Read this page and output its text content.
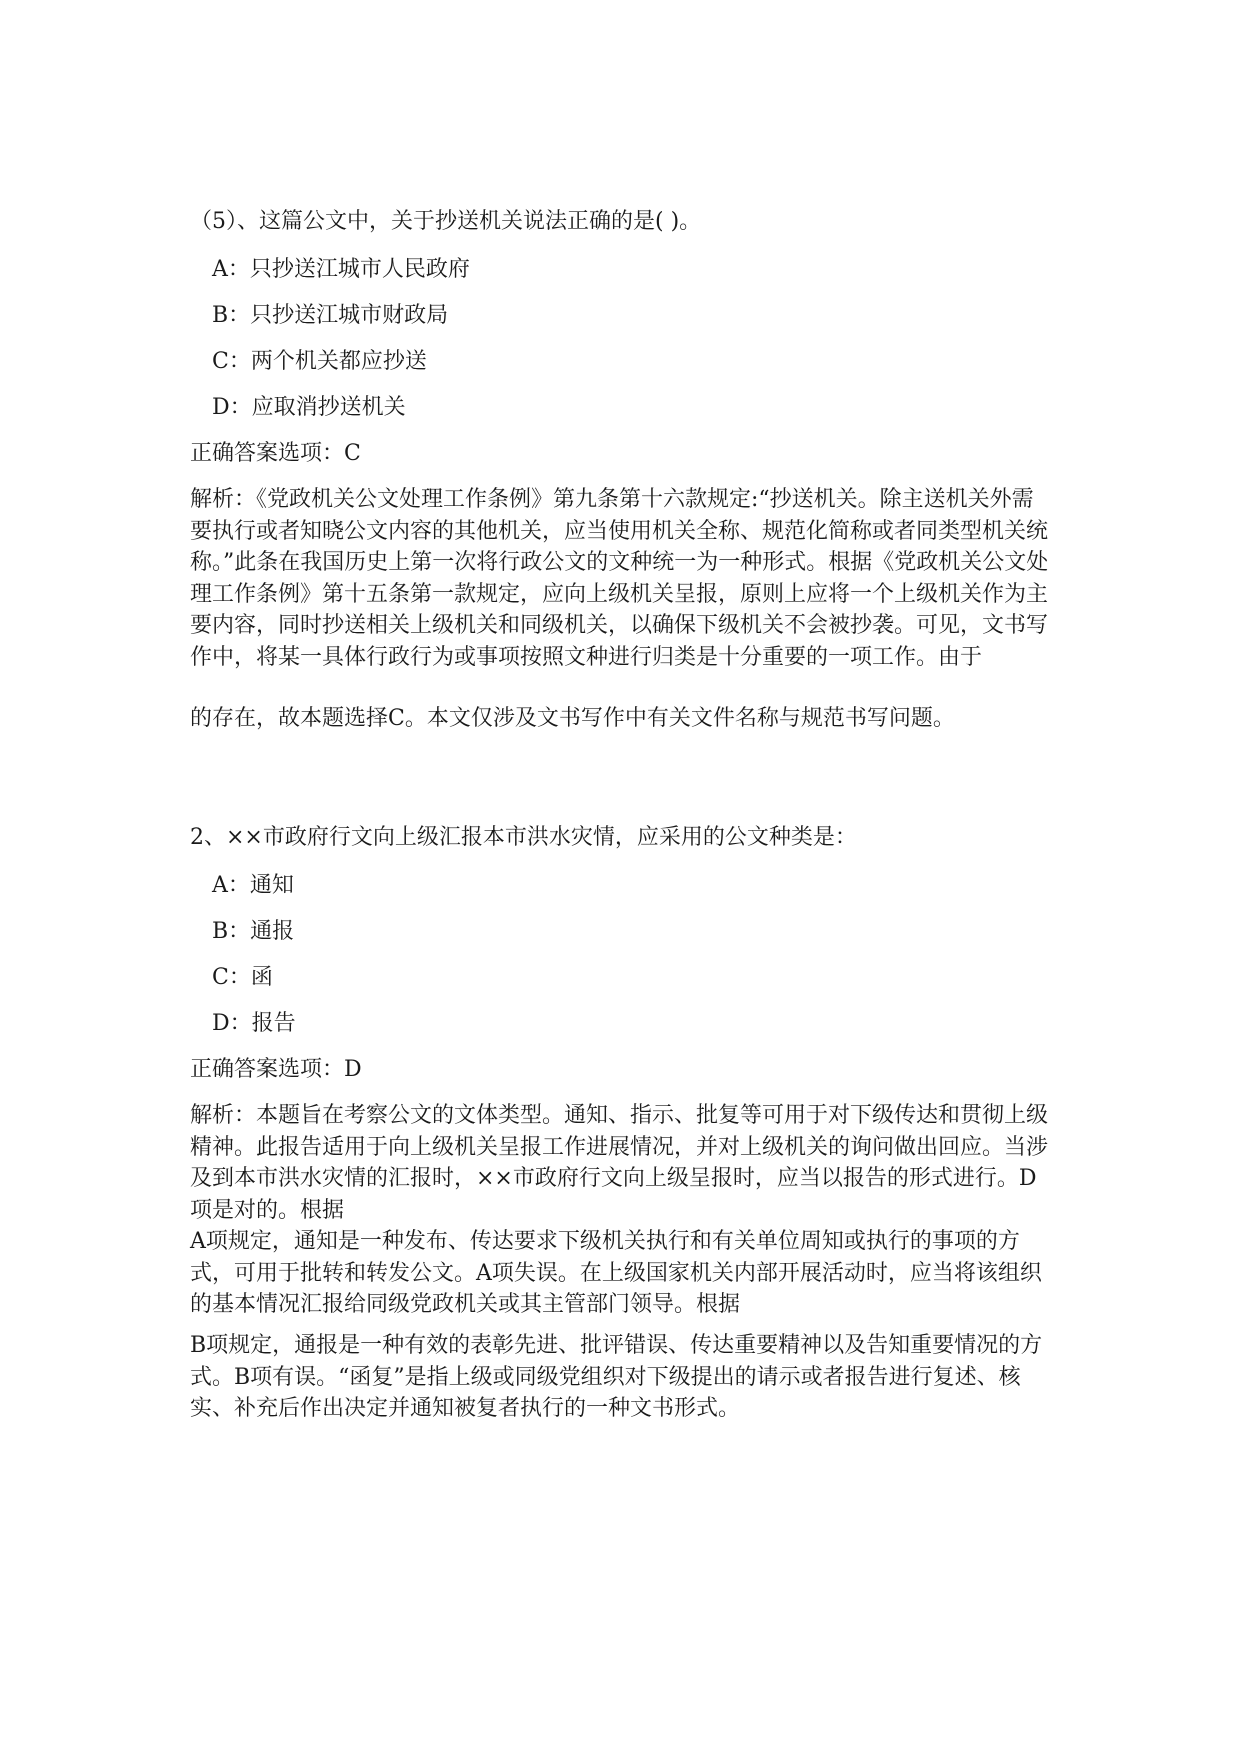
（5）、这篇公文中，关于抄送机关说法正确的是( )。
A：只抄送江城市人民政府
B：只抄送江城市财政局
C：两个机关都应抄送
D：应取消抄送机关
正确答案选项：C

解析：《党政机关公文处理工作条例》第九条第十六款规定:“抄送机关。除主送机关外需要执行或者知晓公文内容的其他机关，应当使用机关全称、规范化简称或者同类型机关统称。”此条在我国历史上第一次将行政公文的文种统一为一种形式。根据《党政机关公文处理工作条例》第十五条第一款规定，应向上级机关呈报，原则上应将一个上级机关作为主要内容，同时抄送相关上级机关和同级机关，以确保下级机关不会被抄袭。可见，文书写作中，将某一具体行政行为或事项按照文种进行归类是十分重要的一项工作。由于

的存在，故本题选择C。本文仅涉及文书写作中有关文件名称与规范书写问题。
2、××市政府行文向上级汇报本市洪水灾情，应采用的公文种类是：
A：通知
B：通报
C：函
D：报告
正确答案选项：D

解析：本题旨在考察公文的文体类型。通知、指示、批复等可用于对下级传达和贯彻上级精神。此报告适用于向上级机关呈报工作进展情况，并对上级机关的询问做出回应。当涉及到本市洪水灾情的汇报时，××市政府行文向上级呈报时，应当以报告的形式进行。D项是对的。根据

A项规定，通知是一种发布、传达要求下级机关执行和有关单位周知或执行的事项的方式，可用于批转和转发公文。A项失误。在上级国家机关内部开展活动时，应当将该组织的基本情况汇报给同级党政机关或其主管部门领导。根据

B项规定，通报是一种有效的表彰先进、批评错误、传达重要精神以及告知重要情况的方式。B项有误。“函复”是指上级或同级党组织对下级提出的请示或者报告进行复述、核实、补充后作出决定并通知被复者执行的一种文书形式。
